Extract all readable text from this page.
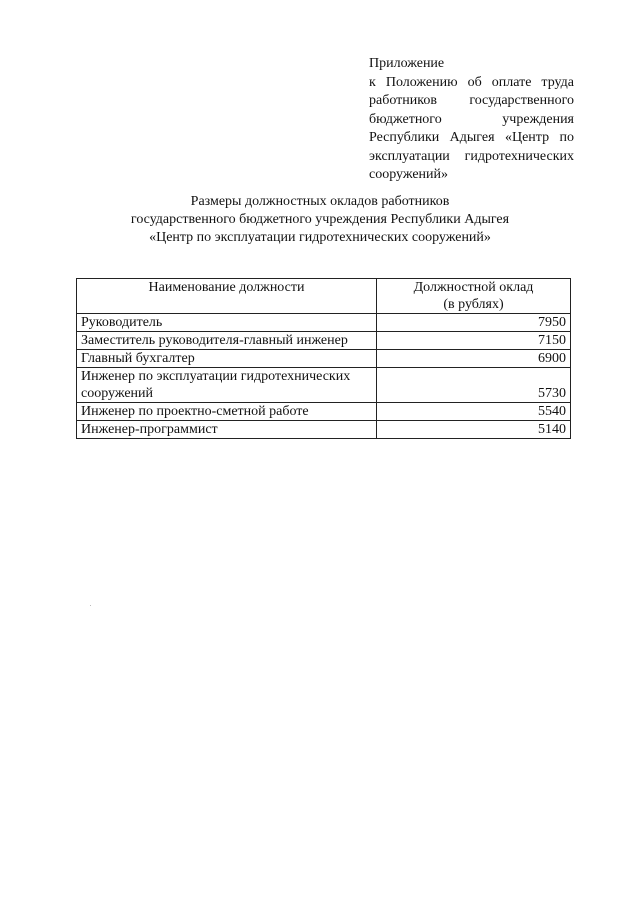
Приложение
к Положению об оплате труда работников государственного бюджетного учреждения Республики Адыгея «Центр по эксплуатации гидротехнических сооружений»
Размеры должностных окладов работников
государственного бюджетного учреждения Республики Адыгея
«Центр по эксплуатации гидротехнических сооружений»
Наименование должности	Должностной оклад
(в рублях)

Руководитель	7950
Заместитель руководителя-главный инженер	7150
Главный бухгалтер	6900
Инженер по эксплуатации гидротехнических сооружений	5730
Инженер по проектно-сметной работе	5540
Инженер-программист	5140
